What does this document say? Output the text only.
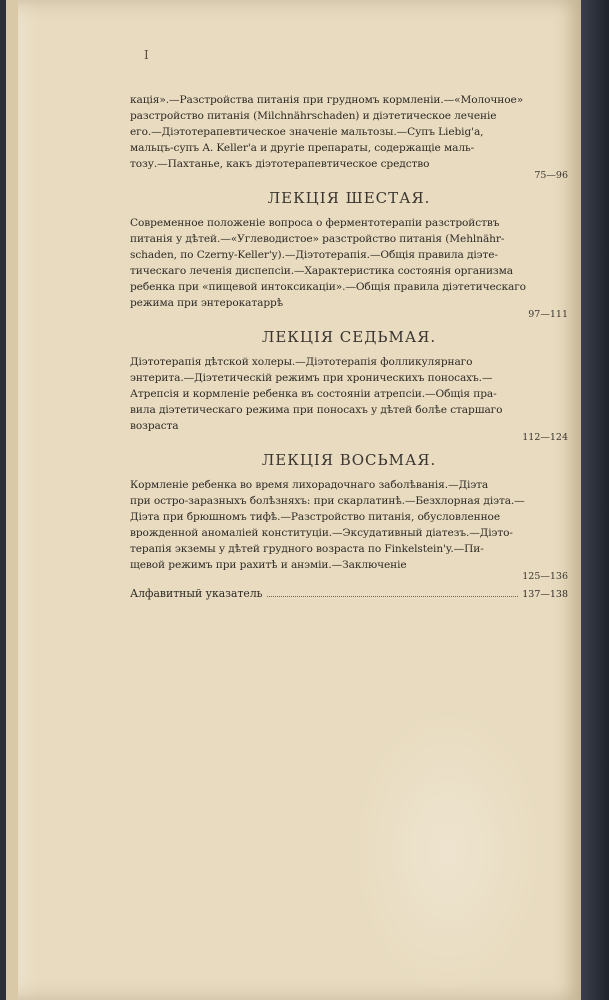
I
кація».—Разстройства питанія при грудномъ кормленіи.—«Молочное»
разстройство питанія (Milchnährschaden) и діэтетическое леченіе
его.—Діэтотерапевтическое значеніе мальтозы.—Супъ Liebig'a,
мальцъ-супъ A. Keller'a и другіе препараты, содержащіе маль-
тозу.—Пахтанье, какъ діэтотерапевтическое средство
75—96
ЛЕКЦІЯ ШЕСТАЯ.
Современное положеніе вопроса о ферментотерапіи разстройствъ
питанія у дѣтей.—«Углеводистое» разстройство питанія (Mehlnähr-
schaden, по Czerny-Keller'y).—Діэтотерапія.—Общія правила діэте-
тическаго леченія диспепсіи.—Характеристика состоянія организма
ребенка при «пищевой интоксикаціи».—Общія правила діэтетическаго
режима при энтерокатаррѣ
97—111
ЛЕКЦІЯ СЕДЬМАЯ.
Діэтотерапія дѣтской холеры.—Діэтотерапія фолликулярнаго
энтерита.—Діэтетическій режимъ при хроническихъ поносахъ.—
Атрепсія и кормленіе ребенка въ состояніи атрепсіи.—Общія пра-
вила діэтетическаго режима при поносахъ у дѣтей болѣе старшаго
возраста
112—124
ЛЕКЦІЯ ВОСЬМАЯ.
Кормленіе ребенка во время лихорадочнаго заболѣванія.—Діэта
при остро-заразныхъ болѣзняхъ: при скарлатинѣ.—Безхлорная діэта.—
Діэта при брюшномъ тифѣ.—Разстройство питанія, обусловленное
врожденной аномаліей конституціи.—Эксудативный діатезъ.—Діэто-
терапія экземы у дѣтей грудного возраста по Finkelstein'y.—Пи-
щевой режимъ при рахитѣ и анэміи.—Заключеніе
125—136
Алфавитный указатель	137—138
